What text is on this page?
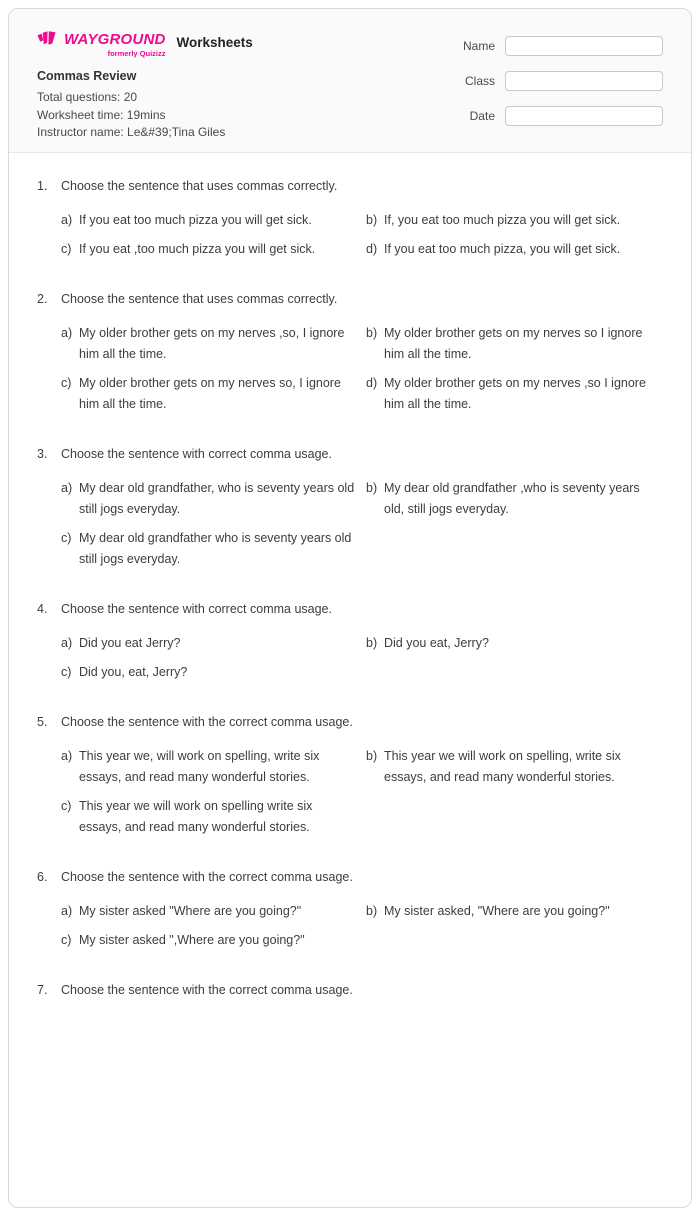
WAYGROUND
formerly Quizizz
Worksheets
Commas Review
Total questions: 20
Worksheet time: 19mins
Instructor name: Le&#39;Tina Giles
Name
Class
Date
1.	Choose the sentence that uses commas correctly.
a) If you eat too much pizza you will get sick.	b) If, you eat too much pizza you will get sick.
c) If you eat ,too much pizza you will get sick.	d) If you eat too much pizza, you will get sick.
2.	Choose the sentence that uses commas correctly.
a) My older brother gets on my nerves ,so, I ignore him all the time.
b) My older brother gets on my nerves so I ignore him all the time.
c) My older brother gets on my nerves so, I ignore him all the time.
d) My older brother gets on my nerves ,so I ignore him all the time.
3.	Choose the sentence with correct comma usage.
a) My dear old grandfather, who is seventy years old still jogs everyday.
b) My dear old grandfather ,who is seventy years old, still jogs everyday.
c) My dear old grandfather who is seventy years old still jogs everyday.
4.	Choose the sentence with correct comma usage.
a) Did you eat Jerry?	b) Did you eat, Jerry?
c) Did you, eat, Jerry?
5.	Choose the sentence with the correct comma usage.
a) This year we, will work on spelling, write six essays, and read many wonderful stories.
b) This year we will work on spelling, write six essays, and read many wonderful stories.
c) This year we will work on spelling write six essays, and read many wonderful stories.
6.	Choose the sentence with the correct comma usage.
a) My sister asked "Where are you going?"	b) My sister asked, "Where are you going?"
c) My sister asked ",Where are you going?"
7.	Choose the sentence with the correct comma usage.
